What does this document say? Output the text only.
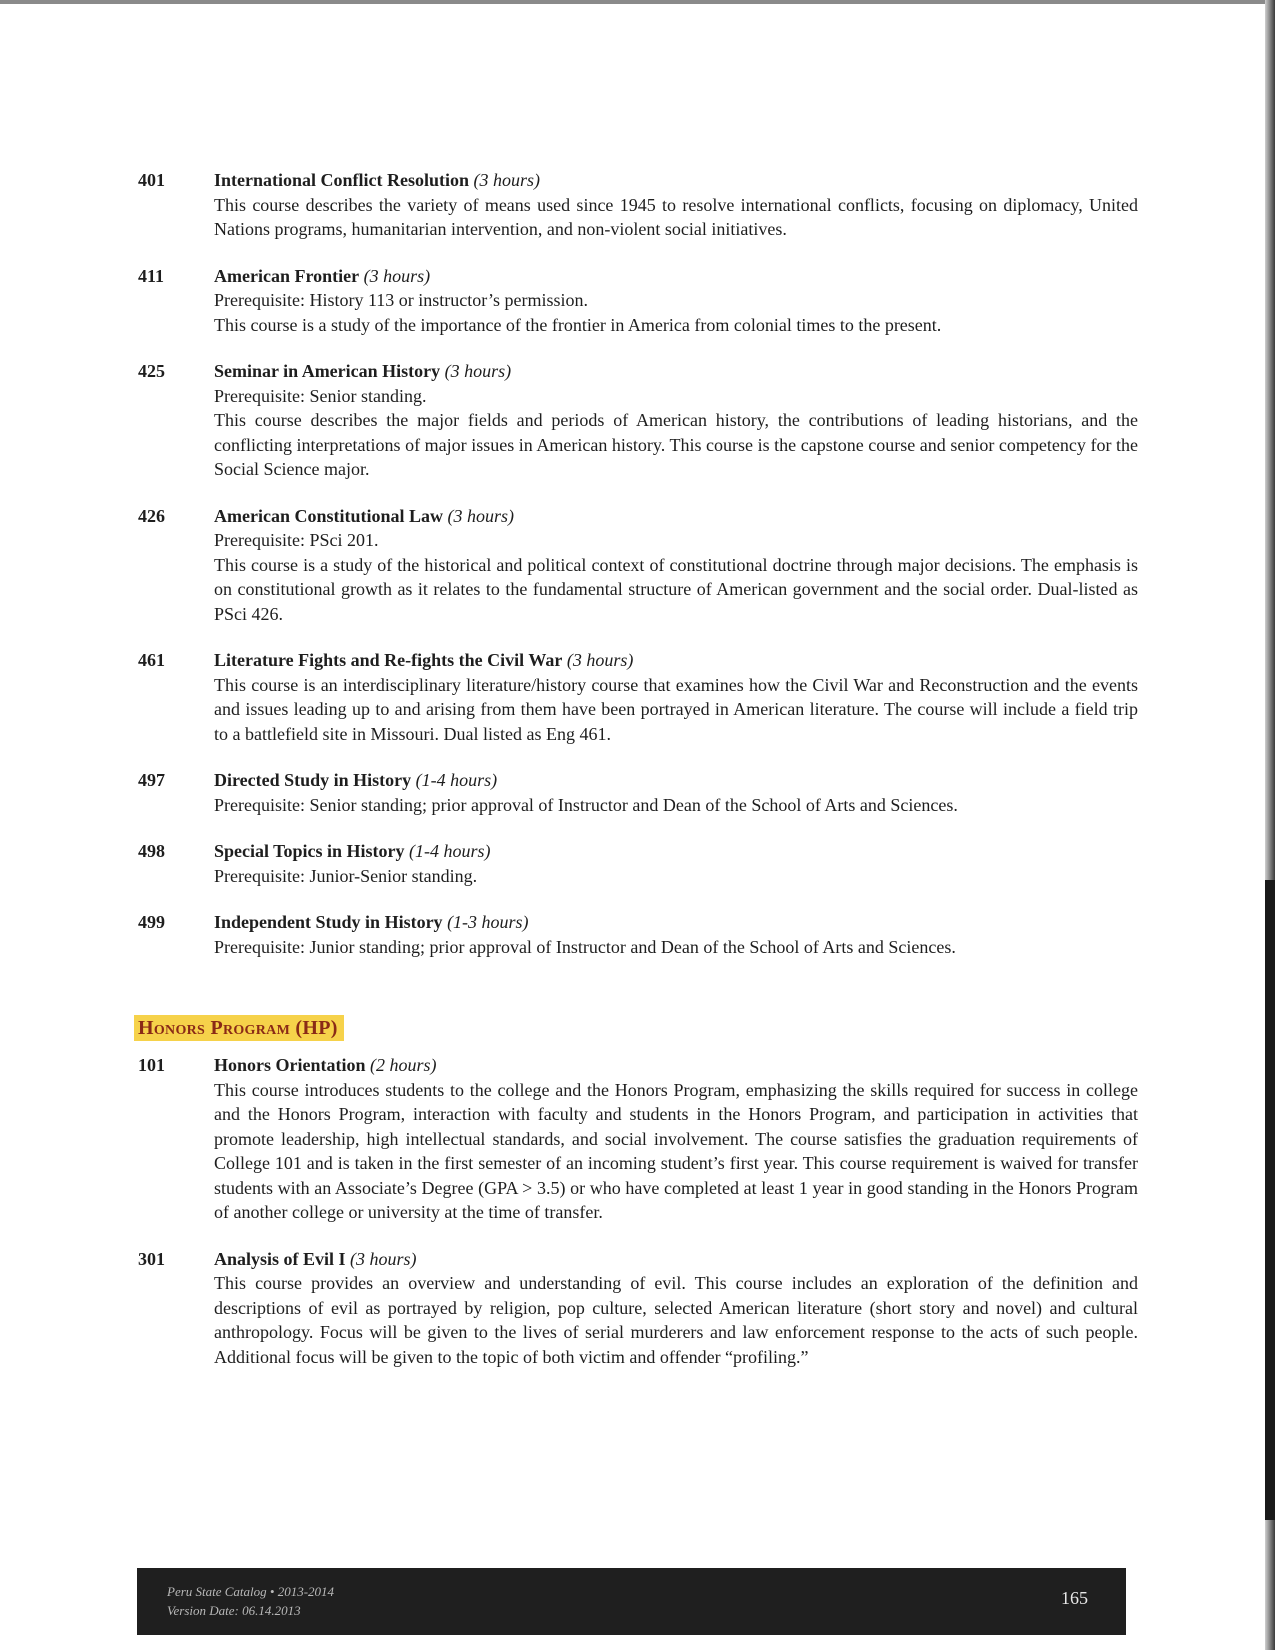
401	International Conflict Resolution (3 hours)
This course describes the variety of means used since 1945 to resolve international conflicts, focusing on diplomacy, United Nations programs, humanitarian intervention, and non-violent social initiatives.
411	American Frontier (3 hours)
Prerequisite: History 113 or instructor’s permission.
This course is a study of the importance of the frontier in America from colonial times to the present.
425	Seminar in American History (3 hours)
Prerequisite: Senior standing.
This course describes the major fields and periods of American history, the contributions of leading historians, and the conflicting interpretations of major issues in American history. This course is the capstone course and senior competency for the Social Science major.
426	American Constitutional Law (3 hours)
Prerequisite: PSci 201.
This course is a study of the historical and political context of constitutional doctrine through major decisions. The emphasis is on constitutional growth as it relates to the fundamental structure of American government and the social order. Dual-listed as PSci 426.
461	Literature Fights and Re-fights the Civil War (3 hours)
This course is an interdisciplinary literature/history course that examines how the Civil War and Reconstruction and the events and issues leading up to and arising from them have been portrayed in American literature. The course will include a field trip to a battlefield site in Missouri. Dual listed as Eng 461.
497	Directed Study in History (1-4 hours)
Prerequisite: Senior standing; prior approval of Instructor and Dean of the School of Arts and Sciences.
498	Special Topics in History (1-4 hours)
Prerequisite: Junior-Senior standing.
499	Independent Study in History (1-3 hours)
Prerequisite: Junior standing; prior approval of Instructor and Dean of the School of Arts and Sciences.
Honors Program (HP)
101	Honors Orientation (2 hours)
This course introduces students to the college and the Honors Program, emphasizing the skills required for success in college and the Honors Program, interaction with faculty and students in the Honors Program, and participation in activities that promote leadership, high intellectual standards, and social involvement. The course satisfies the graduation requirements of College 101 and is taken in the first semester of an incoming student’s first year. This course requirement is waived for transfer students with an Associate’s Degree (GPA > 3.5) or who have completed at least 1 year in good standing in the Honors Program of another college or university at the time of transfer.
301	Analysis of Evil I (3 hours)
This course provides an overview and understanding of evil. This course includes an exploration of the definition and descriptions of evil as portrayed by religion, pop culture, selected American literature (short story and novel) and cultural anthropology. Focus will be given to the lives of serial murderers and law enforcement response to the acts of such people. Additional focus will be given to the topic of both victim and offender “profiling.”
Peru State Catalog • 2013-2014
Version Date: 06.14.2013
165
